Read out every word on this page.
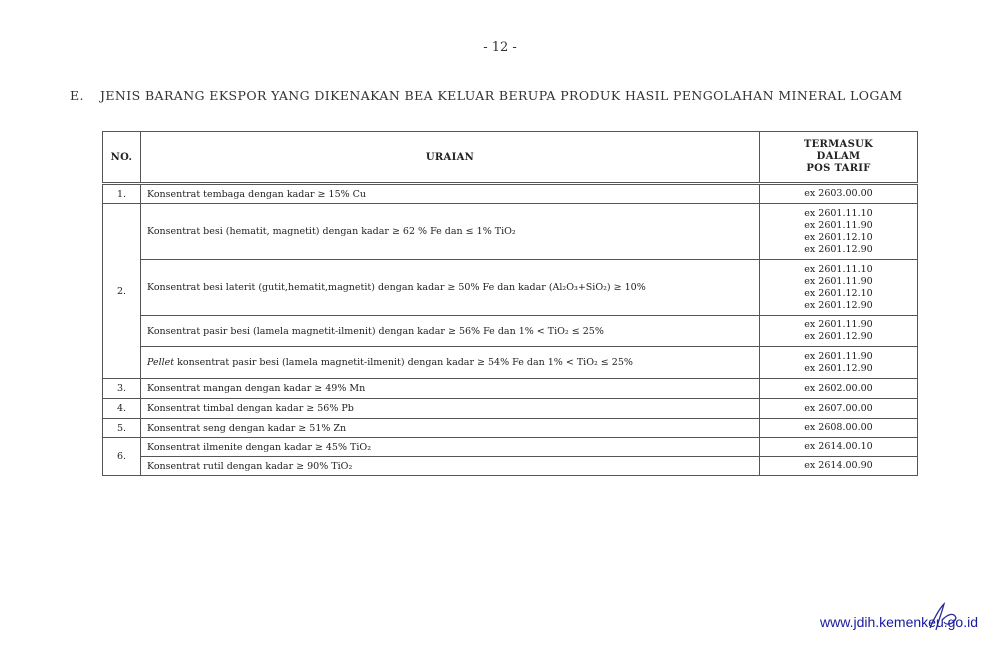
- 12 -
E. JENIS BARANG EKSPOR YANG DIKENAKAN BEA KELUAR BERUPA PRODUK HASIL PENGOLAHAN MINERAL LOGAM
NO.	URAIAN	TERMASUK
DALAM
POS TARIF

1.	Konsentrat tembaga dengan kadar ≥ 15% Cu	ex 2603.00.00

2.	Konsentrat besi (hematit, magnetit) dengan kadar ≥ 62 % Fe dan ≤ 1% TiO₂	ex 2601.11.10
ex 2601.11.90
ex 2601.12.10
ex 2601.12.90

	Konsentrat besi laterit (gutit,hematit,magnetit) dengan kadar ≥ 50% Fe dan kadar (Al₂O₃+SiO₂) ≥ 10%	ex 2601.11.10
ex 2601.11.90
ex 2601.12.10
ex 2601.12.90

	Konsentrat pasir besi (lamela magnetit-ilmenit) dengan kadar ≥ 56% Fe dan 1% < TiO₂ ≤ 25%	ex 2601.11.90
ex 2601.12.90

	Pellet konsentrat pasir besi (lamela magnetit-ilmenit) dengan kadar ≥ 54% Fe dan 1% < TiO₂ ≤ 25%	ex 2601.11.90
ex 2601.12.90

3.	Konsentrat mangan dengan kadar ≥ 49% Mn	ex 2602.00.00

4.	Konsentrat timbal dengan kadar ≥ 56% Pb	ex 2607.00.00

5.	Konsentrat seng dengan kadar ≥ 51% Zn	ex 2608.00.00

6.	Konsentrat ilmenite dengan kadar ≥ 45% TiO₂	ex 2614.00.10

	Konsentrat rutil dengan kadar ≥ 90% TiO₂	ex 2614.00.90
www.jdih.kemenkeu.go.id
